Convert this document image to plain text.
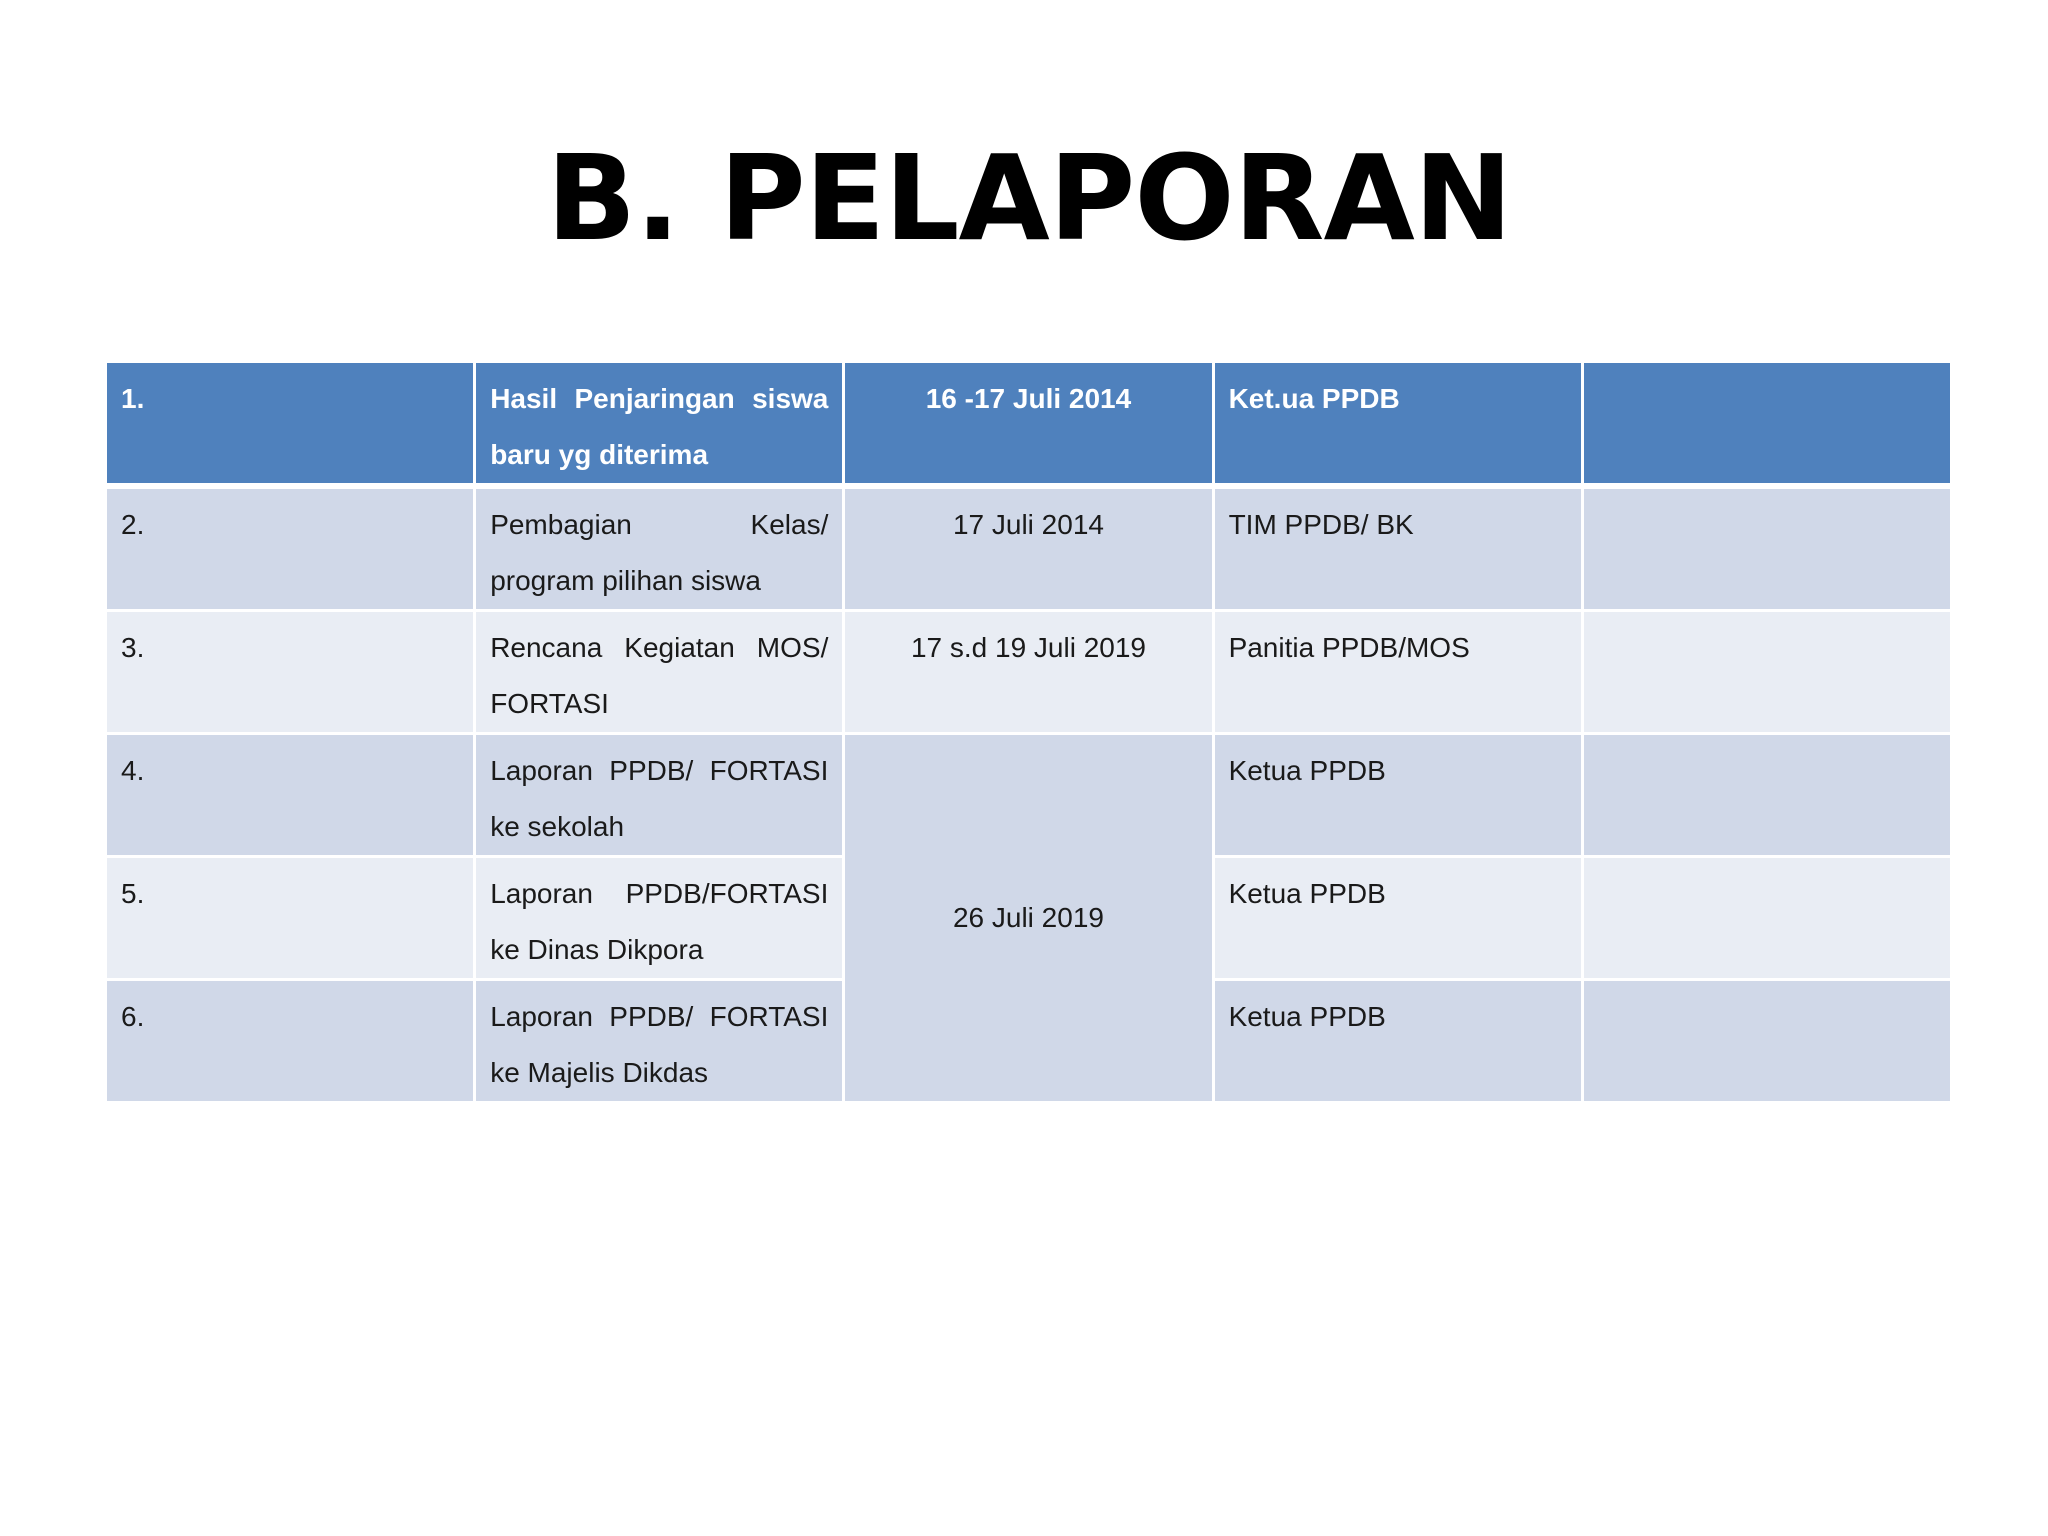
B. PELAPORAN
1.	Hasil Penjaringan siswa baru yg diterima	16 -17 Juli 2014	Ket.ua PPDB	
2.	Pembagian Kelas/ program pilihan siswa	17 Juli 2014	TIM PPDB/ BK	
3.	Rencana Kegiatan MOS/ FORTASI	17 s.d 19 Juli 2019	Panitia PPDB/MOS	
4.	Laporan PPDB/ FORTASI ke sekolah	26 Juli 2019	Ketua PPDB	
5.	Laporan PPDB/FORTASI ke Dinas Dikpora		Ketua PPDB	
6.	Laporan PPDB/ FORTASI ke Majelis Dikdas		Ketua PPDB	
